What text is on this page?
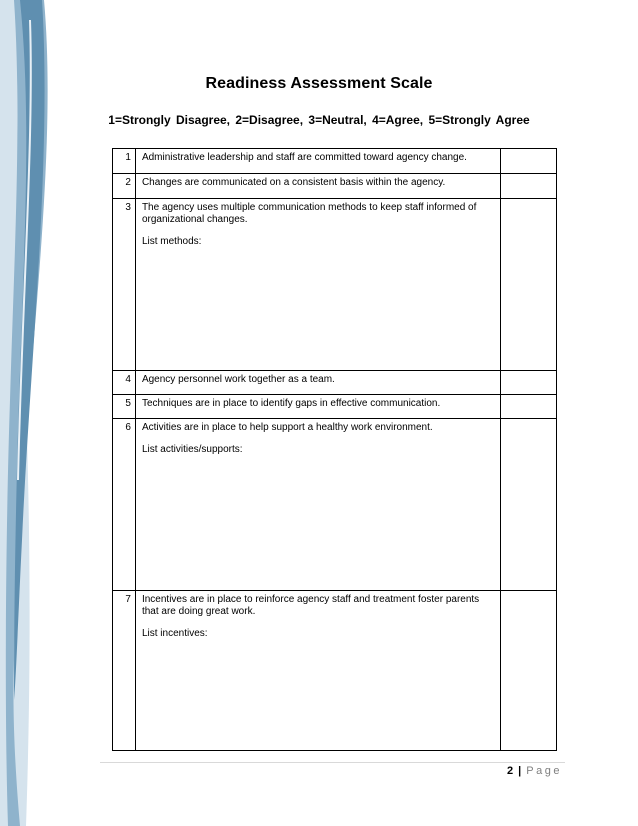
Readiness Assessment Scale
1=Strongly Disagree, 2=Disagree, 3=Neutral, 4=Agree, 5=Strongly Agree
1	Administrative leadership and staff are committed toward agency change.	
2	Changes are communicated on a consistent basis within the agency.	
3	The agency uses multiple communication methods to keep staff informed of organizational changes.
List methods:	

4	Agency personnel work together as a team.	
5	Techniques are in place to identify gaps in effective communication.	
6	Activities are in place to help support a healthy work environment.
List activities/supports:	

7	Incentives are in place to reinforce agency staff and treatment foster parents that are doing great work.
List incentives:	

2 | Page
